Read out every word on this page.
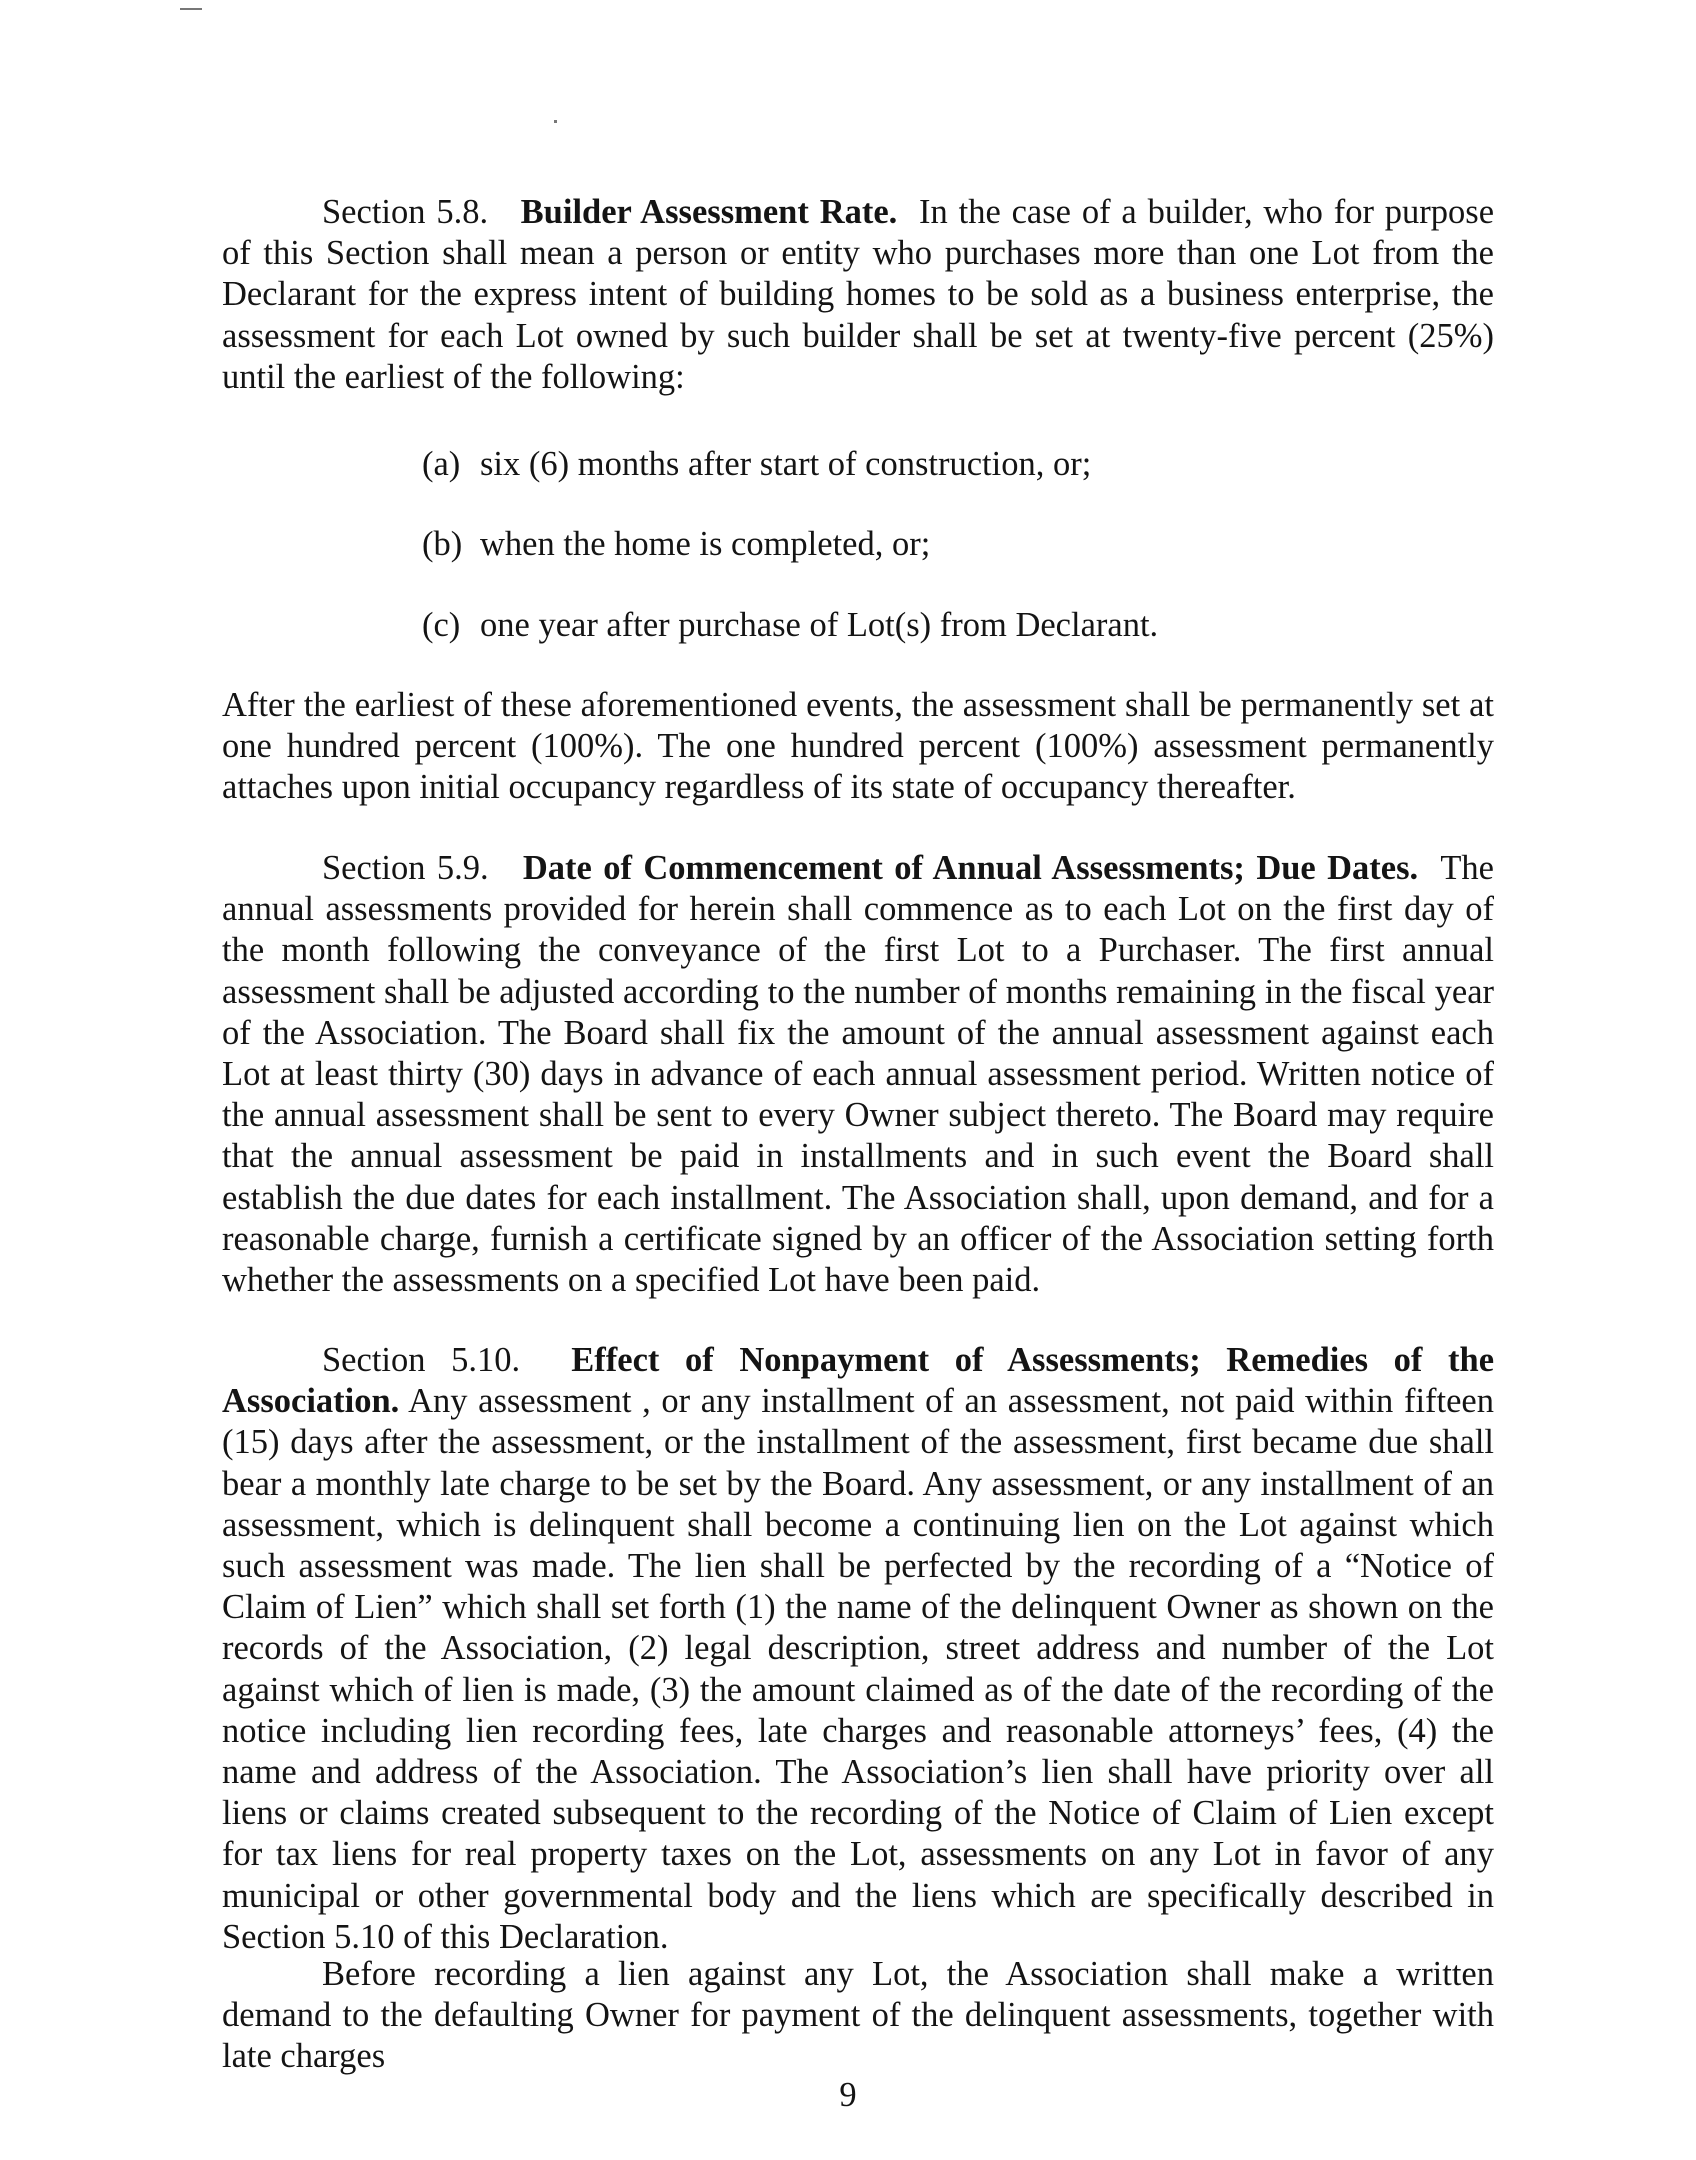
Section 5.8. Builder Assessment Rate. In the case of a builder, who for purpose of this Section shall mean a person or entity who purchases more than one Lot from the Declarant for the express intent of building homes to be sold as a business enterprise, the assessment for each Lot owned by such builder shall be set at twenty-five percent (25%) until the earliest of the following:

(a) six (6) months after start of construction, or;
(b) when the home is completed, or;
(c) one year after purchase of Lot(s) from Declarant.

After the earliest of these aforementioned events, the assessment shall be permanently set at one hundred percent (100%). The one hundred percent (100%) assessment permanently attaches upon initial occupancy regardless of its state of occupancy thereafter.

Section 5.9. Date of Commencement of Annual Assessments; Due Dates. The annual assessments provided for herein shall commence as to each Lot on the first day of the month following the conveyance of the first Lot to a Purchaser. The first annual assessment shall be adjusted according to the number of months remaining in the fiscal year of the Association. The Board shall fix the amount of the annual assessment against each Lot at least thirty (30) days in advance of each annual assessment period. Written notice of the annual assessment shall be sent to every Owner subject thereto. The Board may require that the annual assessment be paid in installments and in such event the Board shall establish the due dates for each installment. The Association shall, upon demand, and for a reasonable charge, furnish a certificate signed by an officer of the Association setting forth whether the assessments on a specified Lot have been paid.

Section 5.10. Effect of Nonpayment of Assessments; Remedies of the Association. Any assessment , or any installment of an assessment, not paid within fifteen (15) days after the assessment, or the installment of the assessment, first became due shall bear a monthly late charge to be set by the Board. Any assessment, or any installment of an assessment, which is delinquent shall become a continuing lien on the Lot against which such assessment was made. The lien shall be perfected by the recording of a “Notice of Claim of Lien” which shall set forth (1) the name of the delinquent Owner as shown on the records of the Association, (2) legal description, street address and number of the Lot against which of lien is made, (3) the amount claimed as of the date of the recording of the notice including lien recording fees, late charges and reasonable attorneys’ fees, (4) the name and address of the Association. The Association’s lien shall have priority over all liens or claims created subsequent to the recording of the Notice of Claim of Lien except for tax liens for real property taxes on the Lot, assessments on any Lot in favor of any municipal or other governmental body and the liens which are specifically described in Section 5.10 of this Declaration.

Before recording a lien against any Lot, the Association shall make a written demand to the defaulting Owner for payment of the delinquent assessments, together with late charges

9
